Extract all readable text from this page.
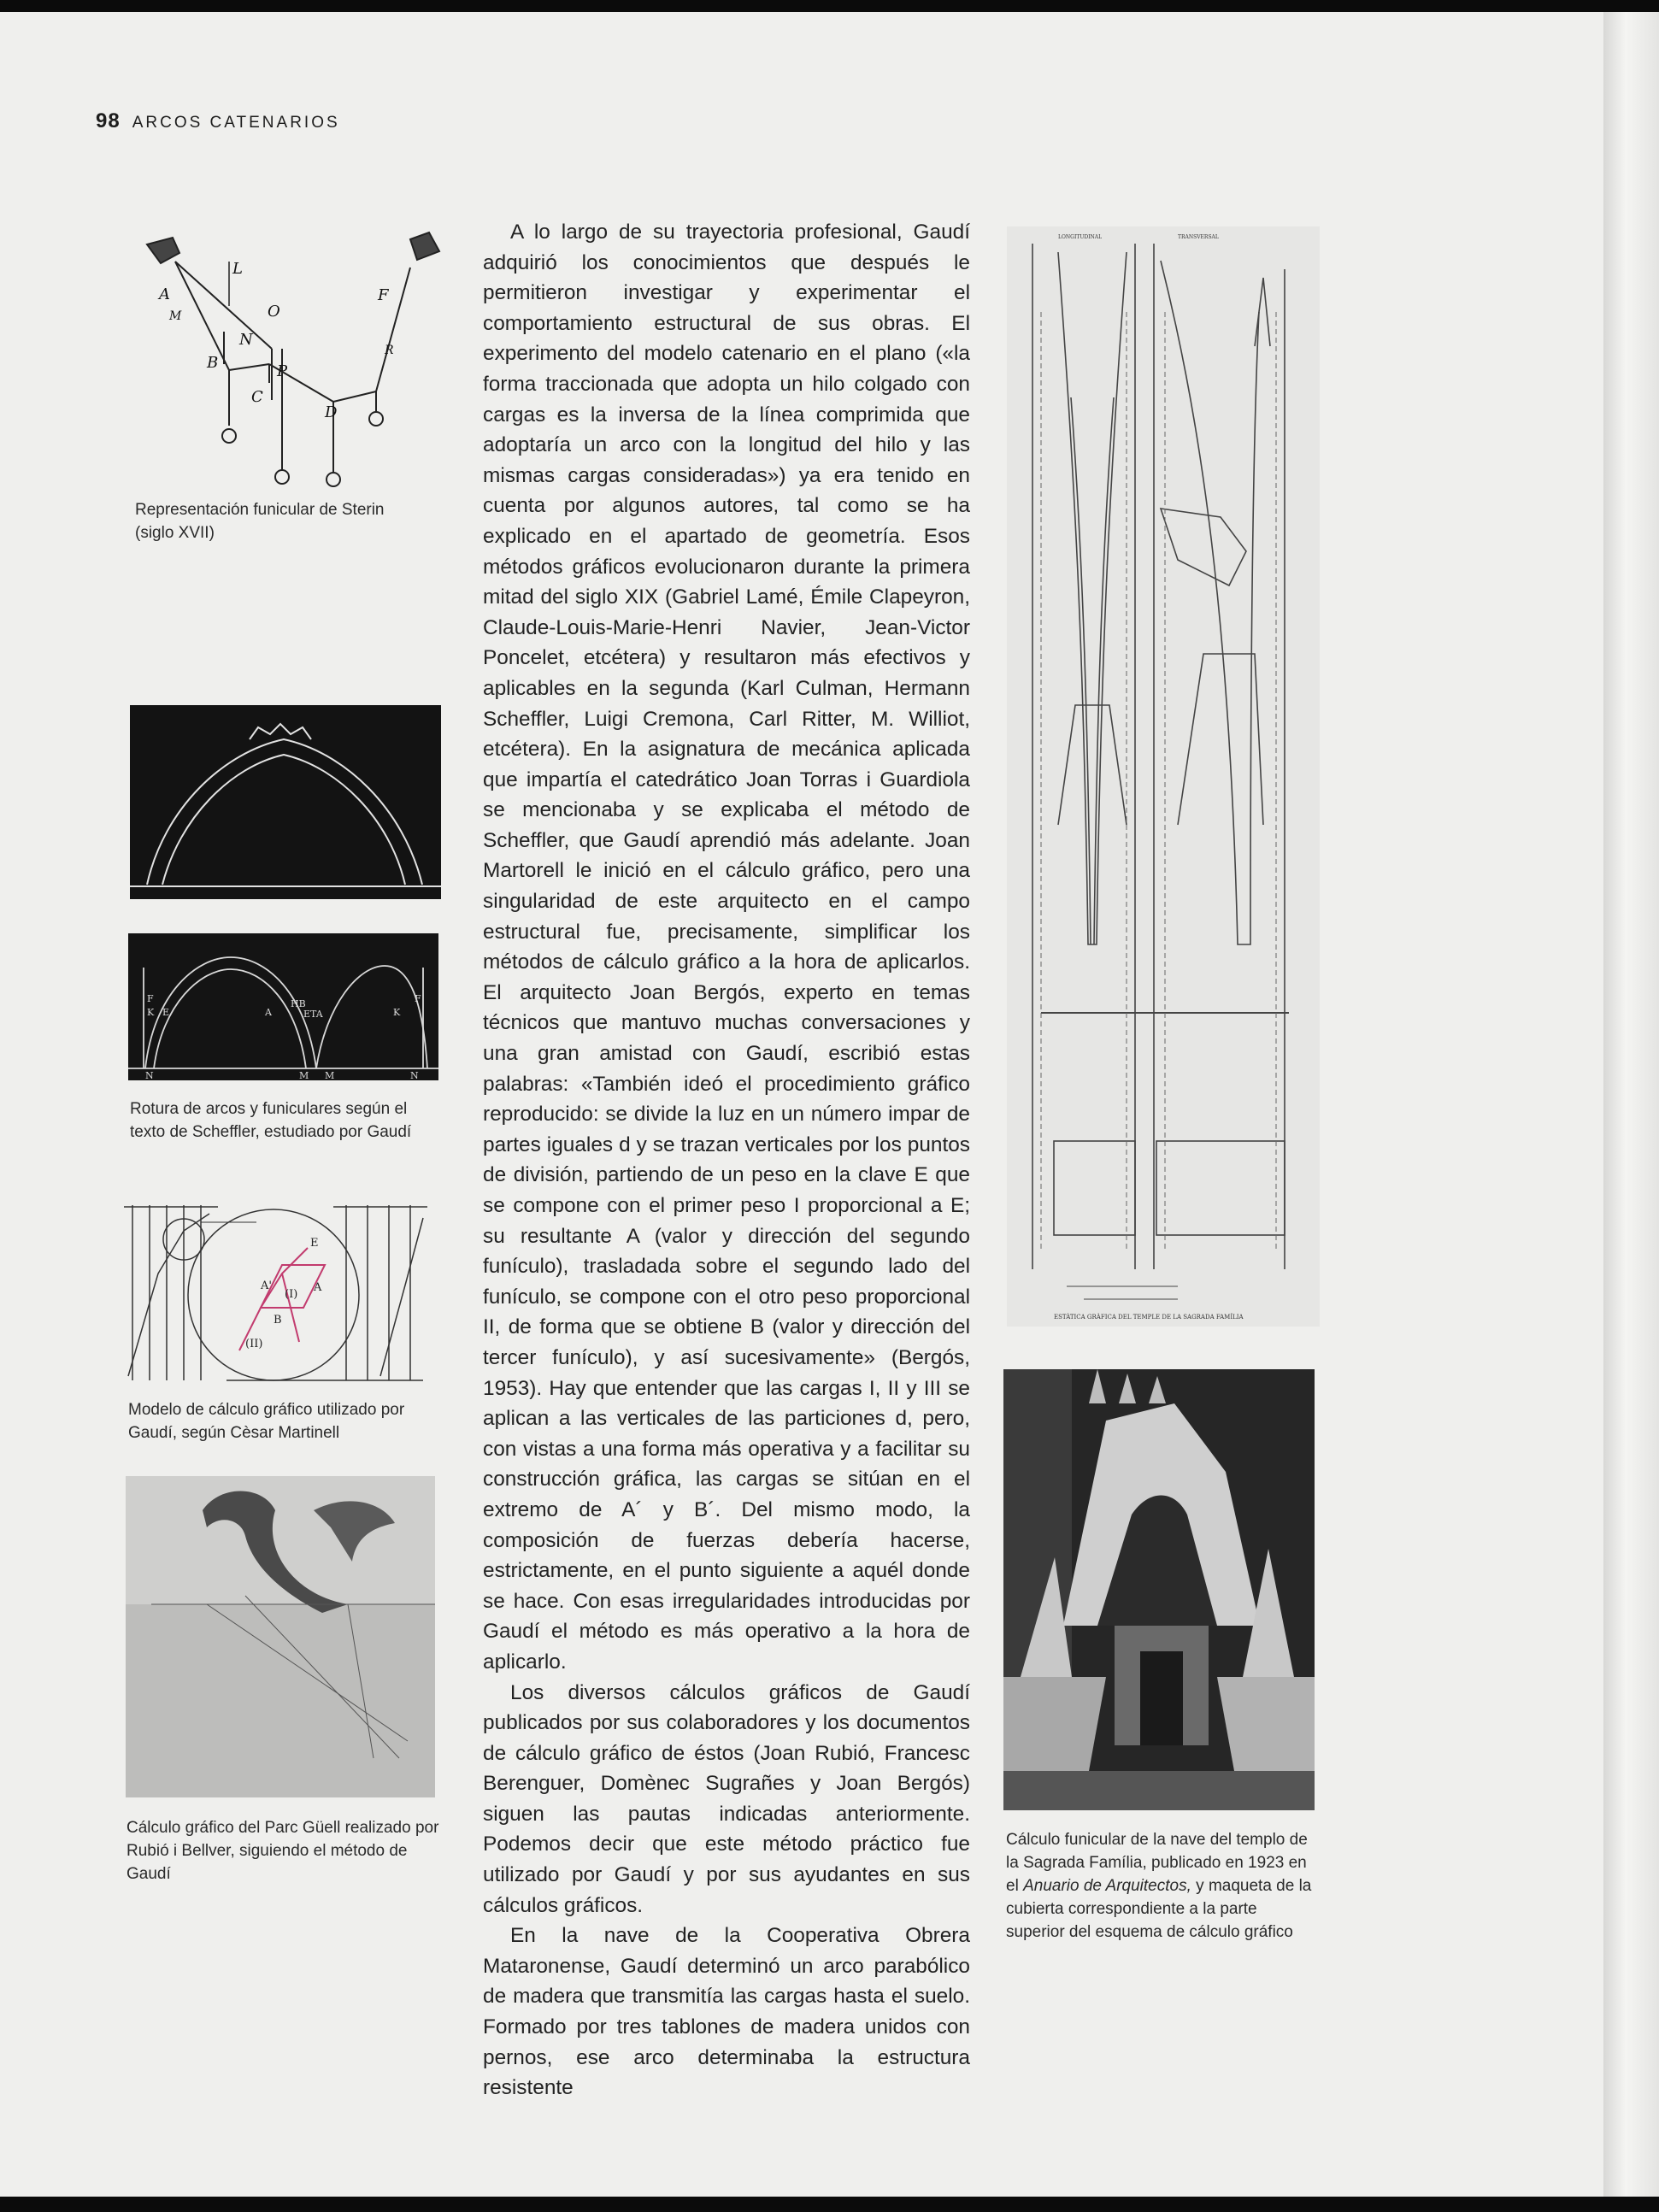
98 ARCOS CATENARIOS
L
A
M	O
N
F
B	P
R
C
D
Representación funicular de Sterin (siglo XVII)
F
K E	A
HB
ETA	K
F
N	M M	N
Rotura de arcos y funiculares según el texto de Scheffler, estudiado por Gaudí
E
A'
(I)
A
B
(II)
Modelo de cálculo gráfico utilizado por Gaudí, según Cèsar Martinell
Cálculo gráfico del Parc Güell realizado por Rubió i Bellver, siguiendo el método de Gaudí

A lo largo de su trayectoria profesional, Gaudí adquirió los conocimientos que después le permitieron investigar y experimentar el comportamiento estructural de sus obras. El experimento del modelo catenario en el plano («la forma traccionada que adopta un hilo colgado con cargas es la inversa de la línea comprimida que adoptaría un arco con la longitud del hilo y las mismas cargas consideradas») ya era tenido en cuenta por algunos autores, tal como se ha explicado en el apartado de geometría. Esos métodos gráficos evolucionaron durante la primera mitad del siglo XIX (Gabriel Lamé, Émile Clapeyron, Claude-Louis-Marie-Henri Navier, Jean-Victor Poncelet, etcétera) y resultaron más efectivos y aplicables en la segunda (Karl Culman, Hermann Scheffler, Luigi Cremona, Carl Ritter, M. Williot, etcétera). En la asignatura de mecánica aplicada que impartía el catedrático Joan Torras i Guardiola se mencionaba y se explicaba el método de Scheffler, que Gaudí aprendió más adelante. Joan Martorell le inició en el cálculo gráfico, pero una singularidad de este arquitecto en el campo estructural fue, precisamente, simplificar los métodos de cálculo gráfico a la hora de aplicarlos. El arquitecto Joan Bergós, experto en temas técnicos que mantuvo muchas conversaciones y una gran amistad con Gaudí, escribió estas palabras: «También ideó el procedimiento gráfico reproducido: se divide la luz en un número impar de partes iguales d y se trazan verticales por los puntos de división, partiendo de un peso en la clave E que se compone con el primer peso I proporcional a E; su resultante A (valor y dirección del segundo funículo), trasladada sobre el segundo lado del funículo, se compone con el otro peso proporcional II, de forma que se obtiene B (valor y dirección del tercer funículo), y así sucesivamente» (Bergós, 1953). Hay que entender que las cargas I, II y III se aplican a las verticales de las particiones d, pero, con vistas a una forma más operativa y a facilitar su construcción gráfica, las cargas se sitúan en el extremo de A´ y B´. Del mismo modo, la composición de fuerzas debería hacerse, estrictamente, en el punto siguiente a aquél donde se hace. Con esas irregularidades introducidas por Gaudí el método es más operativo a la hora de aplicarlo.

Los diversos cálculos gráficos de Gaudí publicados por sus colaboradores y los documentos de cálculo gráfico de éstos (Joan Rubió, Francesc Berenguer, Domènec Sugrañes y Joan Bergós) siguen las pautas indicadas anteriormente. Podemos decir que este método práctico fue utilizado por Gaudí y por sus ayudantes en sus cálculos gráficos.

En la nave de la Cooperativa Obrera Mataronense, Gaudí determinó un arco parabólico de madera que transmitía las cargas hasta el suelo. Formado por tres tablones de madera unidos con pernos, ese arco determinaba la estructura resistente

LONGITUDINAL	TRANSVERSAL
ESTÀTICA GRÀFICA DEL TEMPLE DE LA SAGRADA FAMÍLIA
Cálculo funicular de la nave del templo de la Sagrada Família, publicado en 1923 en el Anuario de Arquitectos, y maqueta de la cubierta correspondiente a la parte superior del esquema de cálculo gráfico
